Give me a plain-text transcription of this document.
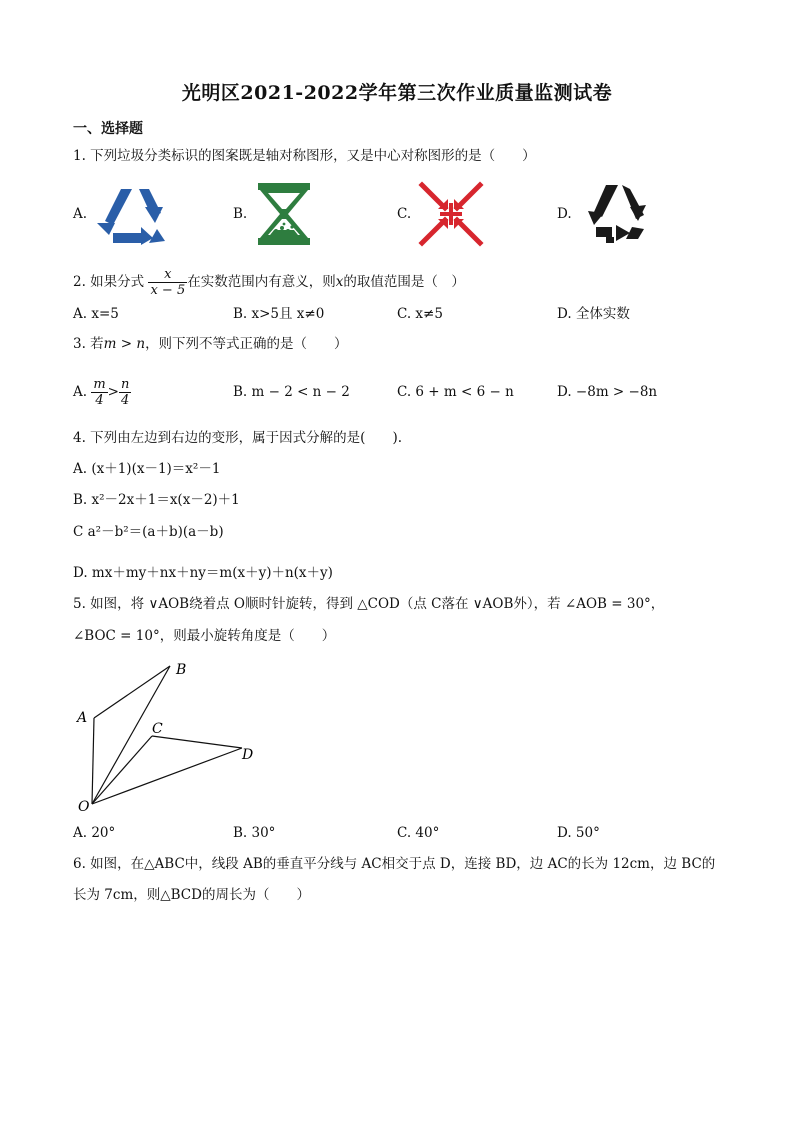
光明区2021-2022学年第三次作业质量监测试卷
一、选择题
1. 下列垃圾分类标识的图案既是轴对称图形，又是中心对称图形的是（　　）
A.	B.	C.	D.
2. 如果分式 $\frac{x}{x - 5}$ 在实数范围内有意义，则x的取值范围是（　）
A. x=5	B. x>5且 x≠0	C. x≠5	D. 全体实数
3. 若m > n，则下列不等式正确的是（　　）
A. $\frac{m}{4} > \frac{n}{4}$	B. m − 2 < n − 2	C. 6 + m < 6 − n	D. −8m > −8n
4. 下列由左边到右边的变形，属于因式分解的是(　　).
A. (x＋1)(x－1)＝x²－1
B. x²－2x＋1＝x(x－2)＋1
C a²－b²＝(a＋b)(a－b)
D. mx＋my＋nx＋ny＝m(x＋y)＋n(x＋y)
5. 如图，将 ∨AOB绕着点 O顺时针旋转，得到 △COD（点 C落在 ∨AOB外），若 ∠AOB = 30°，
∠BOC = 10°，则最小旋转角度是（　　）
B
A
C
D
O
A. 20°	B. 30°	C. 40°	D. 50°
6. 如图，在△ABC中，线段 AB的垂直平分线与 AC相交于点 D，连接 BD，边 AC的长为 12cm，边 BC的
长为 7cm，则△BCD的周长为（　　）
